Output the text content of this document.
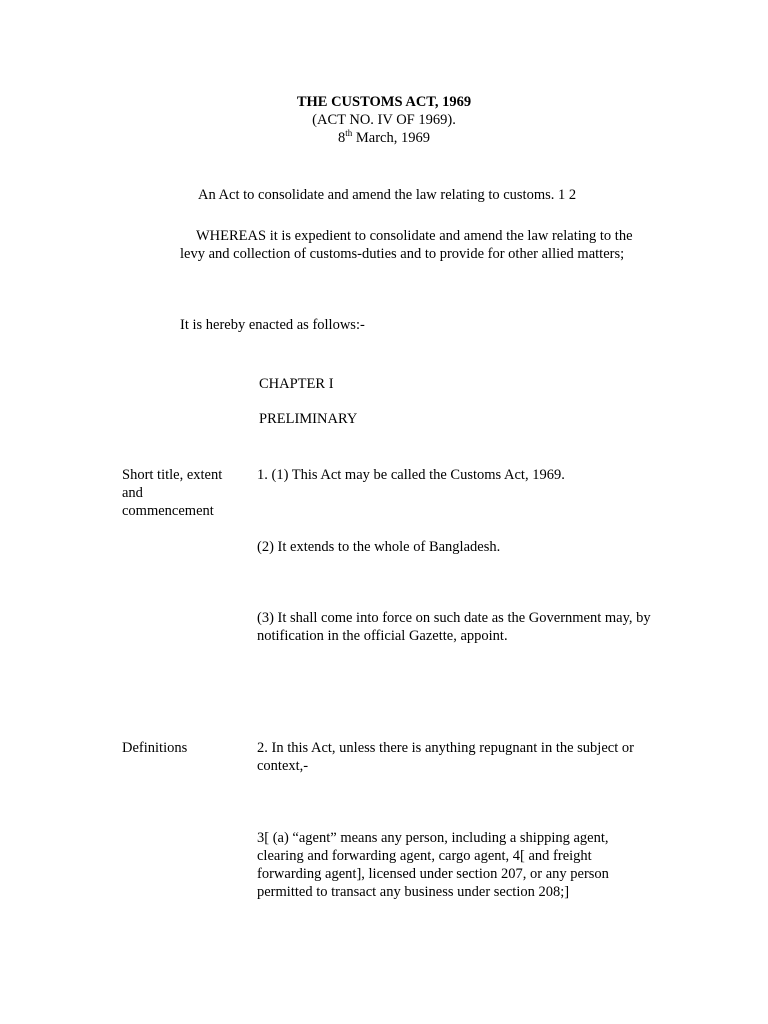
THE CUSTOMS ACT, 1969
(ACT NO. IV OF 1969).
8th March, 1969
An Act to consolidate and amend the law relating to customs. 1 2
WHEREAS it is expedient to consolidate and amend the law relating to the levy and collection of customs-duties and to provide for other allied matters;
It is hereby enacted as follows:-
CHAPTER I
PRELIMINARY
Short title, extent and commencement
1. (1) This Act may be called the Customs Act, 1969.
(2) It extends to the whole of Bangladesh.
(3) It shall come into force on such date as the Government may, by notification in the official Gazette, appoint.
Definitions	2. In this Act, unless there is anything repugnant in the subject or context,-
3[ (a) “agent” means any person, including a shipping agent, clearing and forwarding agent, cargo agent, 4[ and freight forwarding agent], licensed under section 207, or any person permitted to transact any business under section 208;]
